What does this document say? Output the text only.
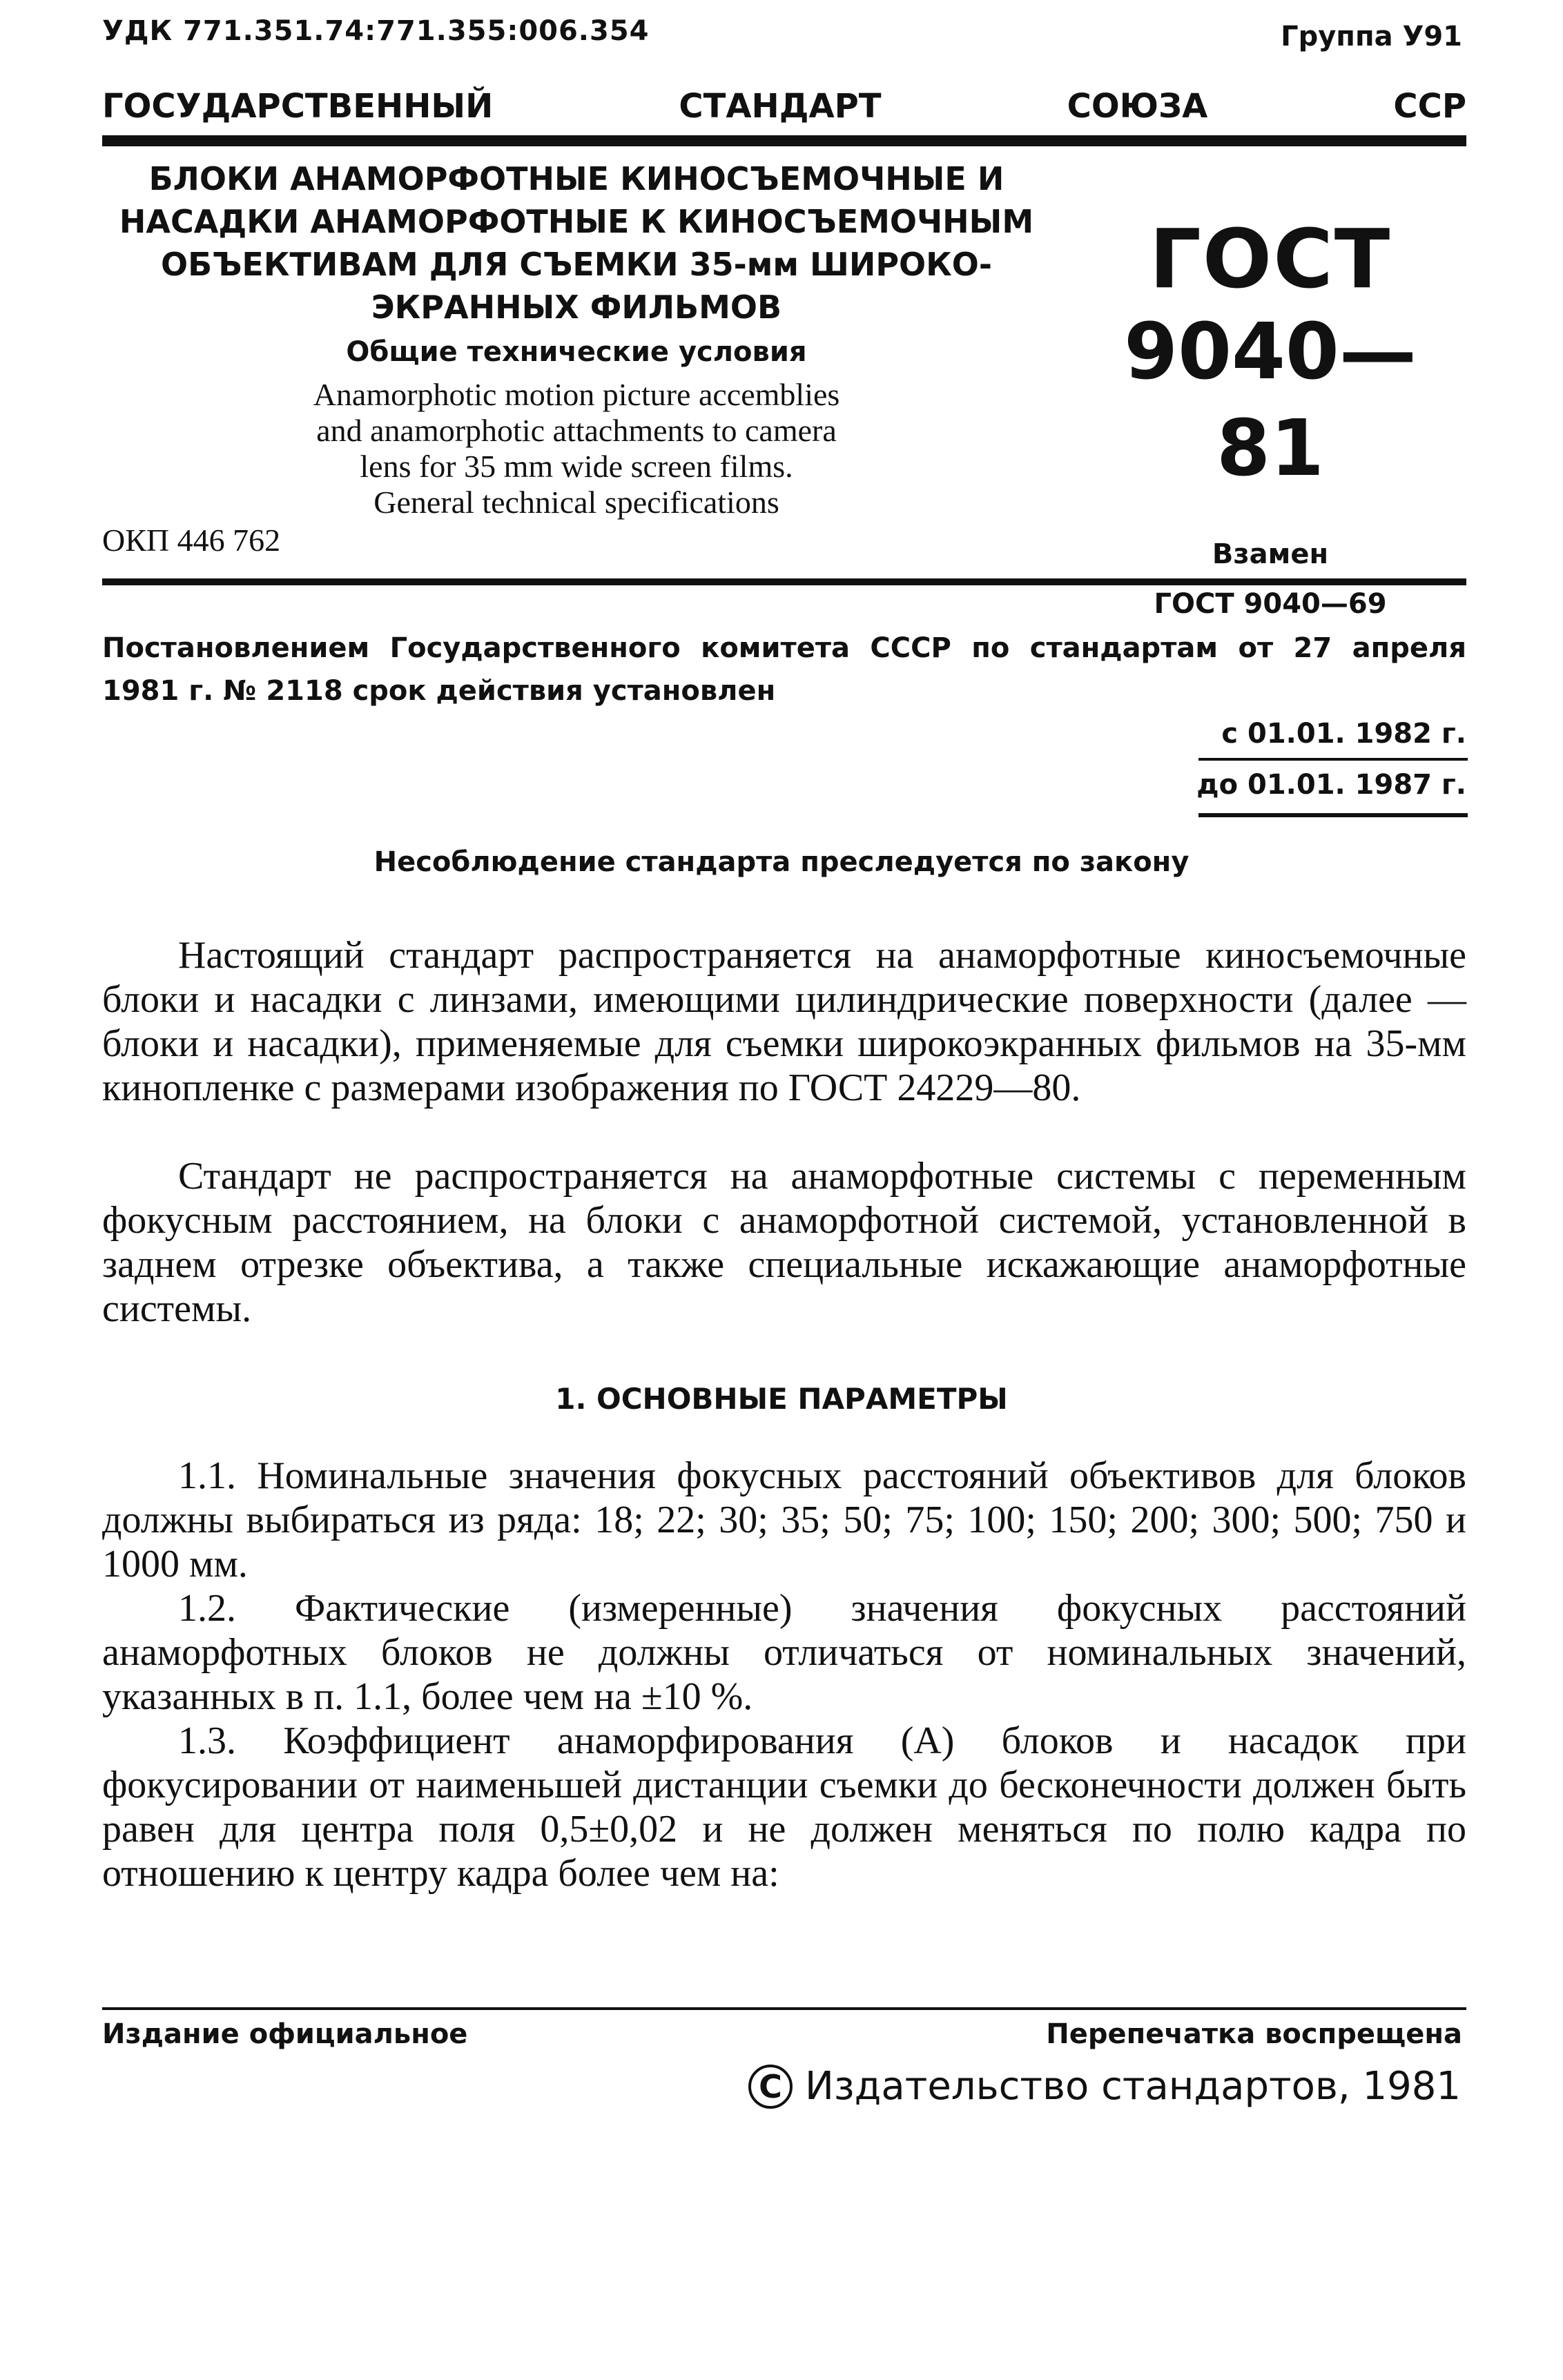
УДК 771.351.74:771.355:006.354	Группа У91
ГОСУДАРСТВЕННЫЙ	СТАНДАРТ	СОЮЗА	ССР
БЛОКИ АНАМОРФОТНЫЕ КИНОСЪЕМОЧНЫЕ И
НАСАДКИ АНАМОРФОТНЫЕ К КИНОСЪЕМОЧНЫМ
ОБЪЕКТИВАМ ДЛЯ СЪЕМКИ 35-мм ШИРОКО-
ЭКРАННЫХ ФИЛЬМОВ
Общие технические условия
Anamorphotic motion picture accemblies
and anamorphotic attachments to camera
lens for 35 mm wide screen films.
General technical specifications
ОКП 446 762
ГОСТ
9040—81
Взамен
ГОСТ 9040—69
Постановлением Государственного комитета СССР по стандартам от 27 апреля 1981 г. № 2118 срок действия установлен
с 01.01. 1982 г.
до 01.01. 1987 г.
Несоблюдение стандарта преследуется по закону

Настоящий стандарт распространяется на анаморфотные киносъемочные блоки и насадки с линзами, имеющими цилиндрические поверхности (далее — блоки и насадки), применяемые для съемки широкоэкранных фильмов на 35-мм кинопленке с размерами изображения по ГОСТ 24229—80.

Стандарт не распространяется на анаморфотные системы с переменным фокусным расстоянием, на блоки с анаморфотной системой, установленной в заднем отрезке объектива, а также специальные искажающие анаморфотные системы.

1. ОСНОВНЫЕ ПАРАМЕТРЫ

1.1. Номинальные значения фокусных расстояний объективов для блоков должны выбираться из ряда: 18; 22; 30; 35; 50; 75; 100; 150; 200; 300; 500; 750 и 1000 мм.

1.2. Фактические (измеренные) значения фокусных расстояний анаморфотных блоков не должны отличаться от номинальных значений, указанных в п. 1.1, более чем на ±10 %.

1.3. Коэффициент анаморфирования (А) блоков и насадок при фокусировании от наименьшей дистанции съемки до бесконечности должен быть равен для центра поля 0,5±0,02 и не должен меняться по полю кадра по отношению к центру кадра более чем на:

Издание официальное	Перепечатка воспрещена
C Издательство стандартов, 1981
